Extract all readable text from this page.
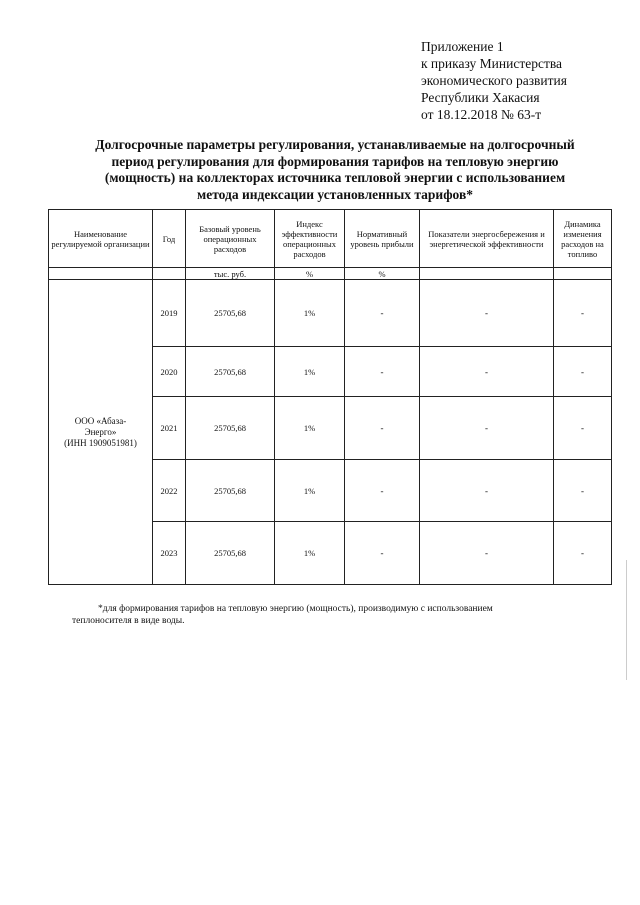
Приложение 1
к приказу Министерства
экономического развития
Республики Хакасия
от 18.12.2018 № 63-т
Долгосрочные параметры регулирования, устанавливаемые на долгосрочный
период регулирования для формирования тарифов на тепловую энергию
(мощность) на коллекторах источника тепловой энергии с использованием
метода индексации установленных тарифов*
Наименование регулируемой организации	Год	Базовый уровень операционных расходов	Индекс эффективности операционных расходов	Нормативный уровень прибыли	Показатели энергосбережения и энергетической эффективности	Динамика изменения расходов на топливо
		тыс. руб.	%	%		

ООО «Абаза-
Энерго»
(ИНН 1909051981)	2019	25705,68	1%	-	-	-
	2020	25705,68	1%	-	-	-
	2021	25705,68	1%	-	-	-
	2022	25705,68	1%	-	-	-
	2023	25705,68	1%	-	-	-
*для формирования тарифов на тепловую энергию (мощность), производимую с использованием
теплоносителя в виде воды.
